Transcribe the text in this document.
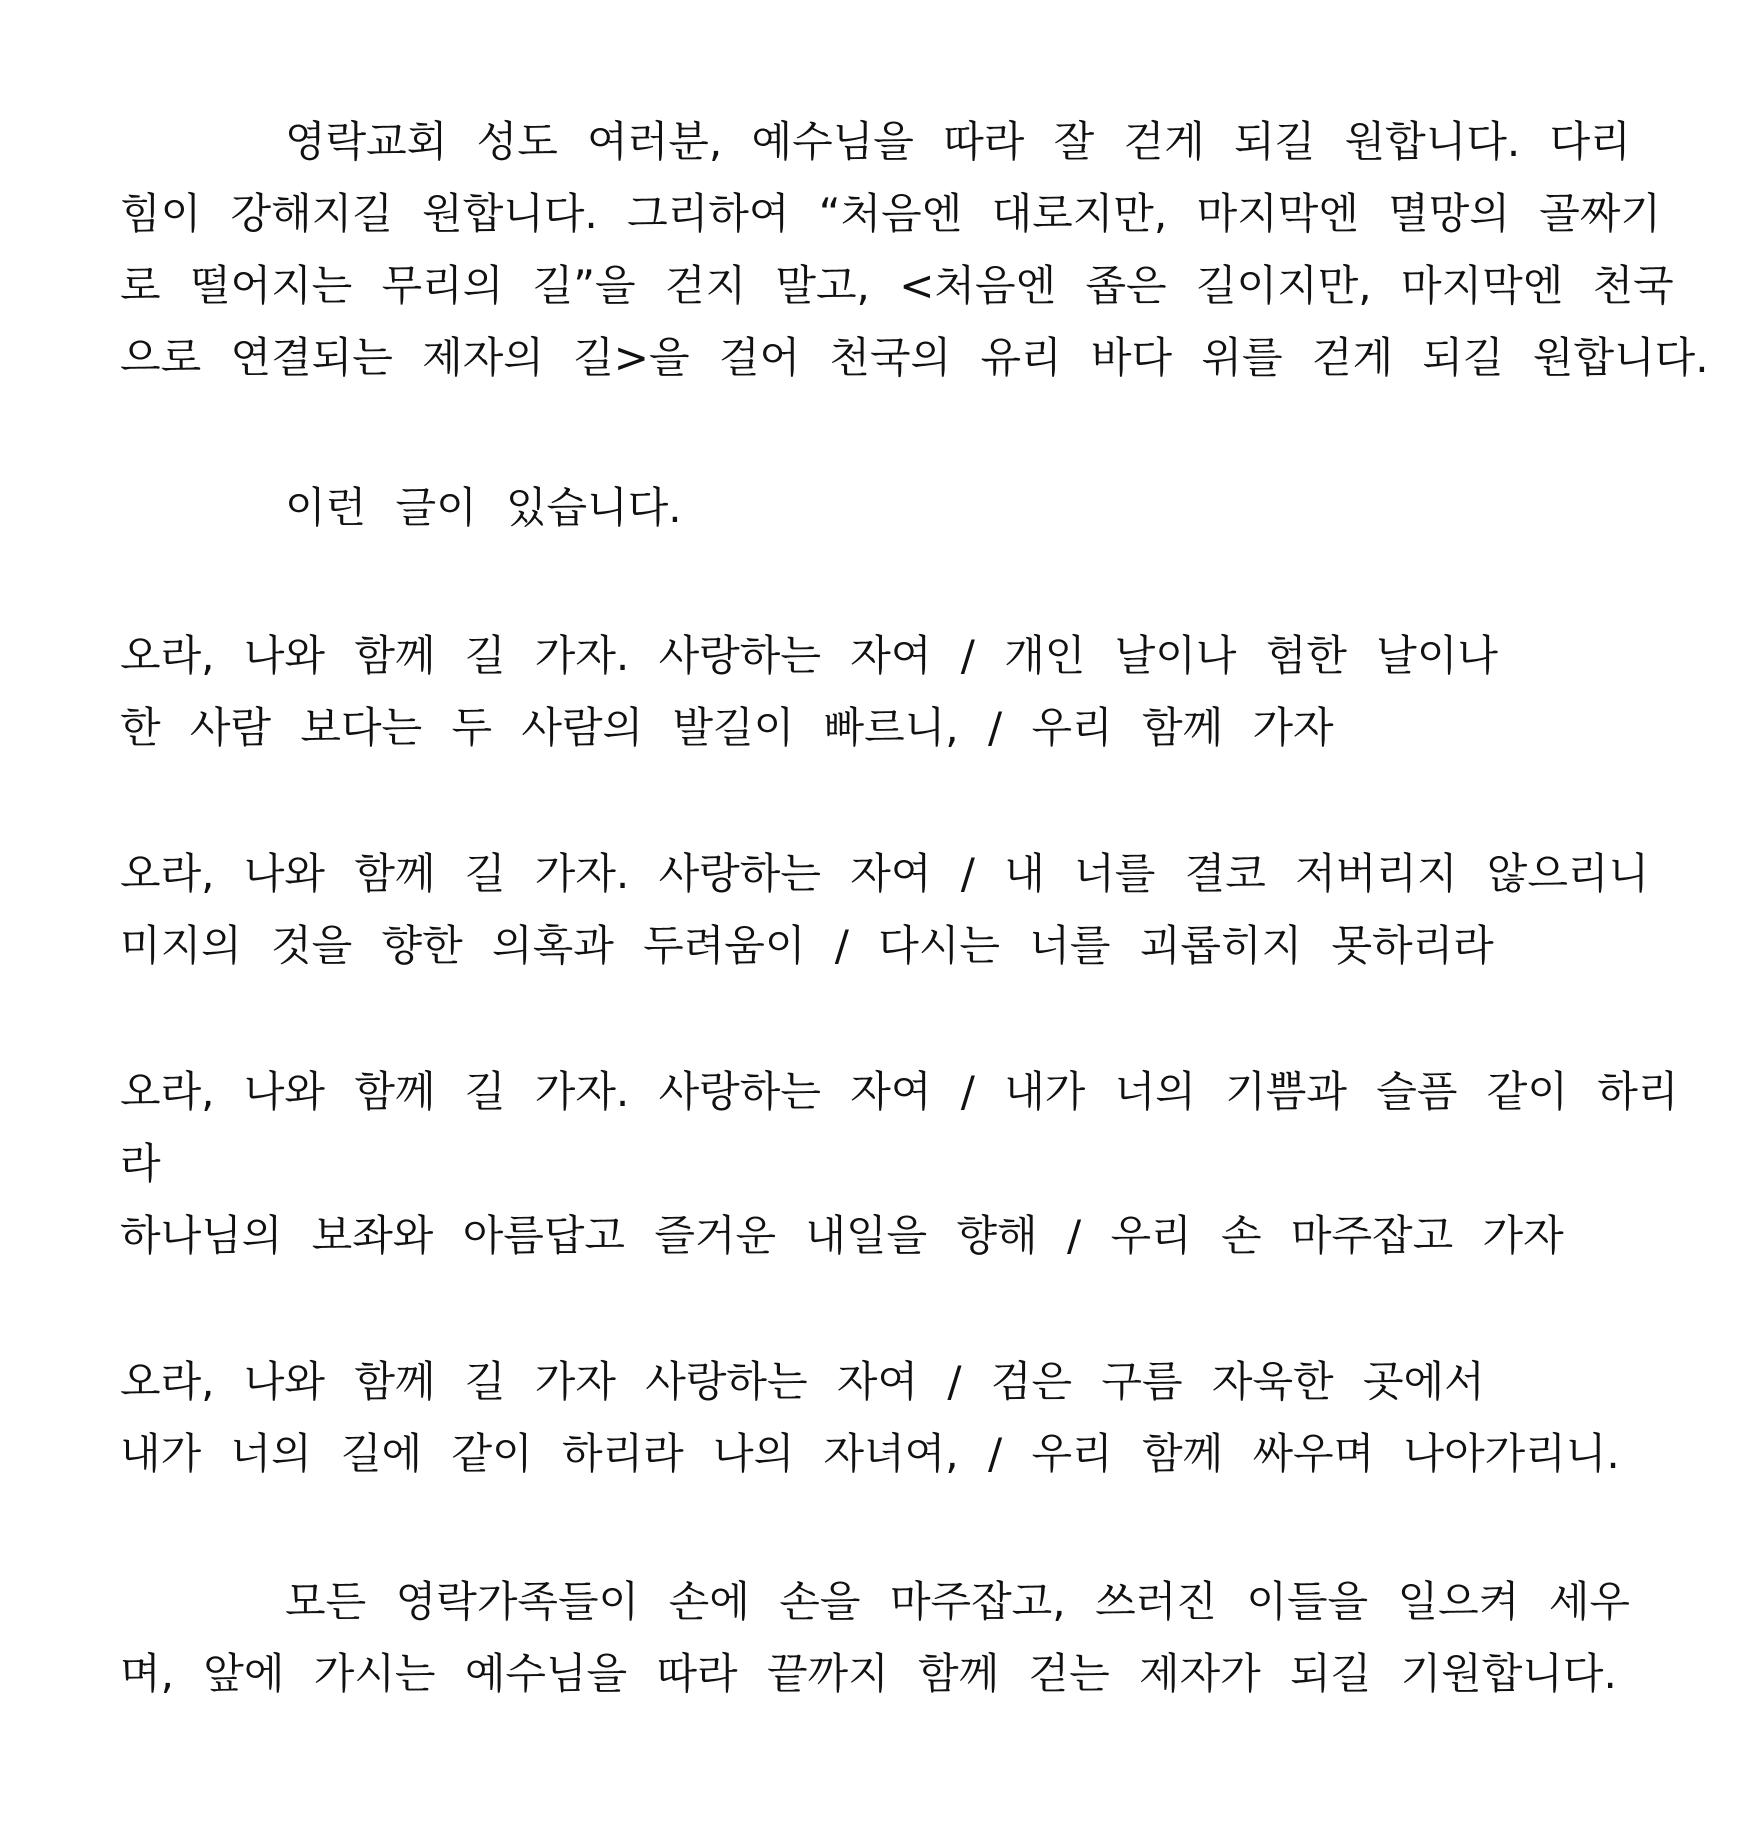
영락교회 성도 여러분, 예수님을 따라 잘 걷게 되길 원합니다. 다리
힘이 강해지길 원합니다. 그리하여 “처음엔 대로지만, 마지막엔 멸망의 골짜기
로 떨어지는 무리의 길”을 걷지 말고, <처음엔 좁은 길이지만, 마지막엔 천국
으로 연결되는 제자의 길>을 걸어 천국의 유리 바다 위를 걷게 되길 원합니다.
이런 글이 있습니다.
오라, 나와 함께 길 가자. 사랑하는 자여 / 개인 날이나 험한 날이나
한 사람 보다는 두 사람의 발길이 빠르니, / 우리 함께 가자
오라, 나와 함께 길 가자. 사랑하는 자여 / 내 너를 결코 저버리지 않으리니
미지의 것을 향한 의혹과 두려움이 / 다시는 너를 괴롭히지 못하리라
오라, 나와 함께 길 가자. 사랑하는 자여 / 내가 너의 기쁨과 슬픔 같이 하리
라
하나님의 보좌와 아름답고 즐거운 내일을 향해 / 우리 손 마주잡고 가자
오라, 나와 함께 길 가자 사랑하는 자여 / 검은 구름 자욱한 곳에서
내가 너의 길에 같이 하리라 나의 자녀여, / 우리 함께 싸우며 나아가리니.
모든 영락가족들이 손에 손을 마주잡고, 쓰러진 이들을 일으켜 세우
며, 앞에 가시는 예수님을 따라 끝까지 함께 걷는 제자가 되길 기원합니다.
